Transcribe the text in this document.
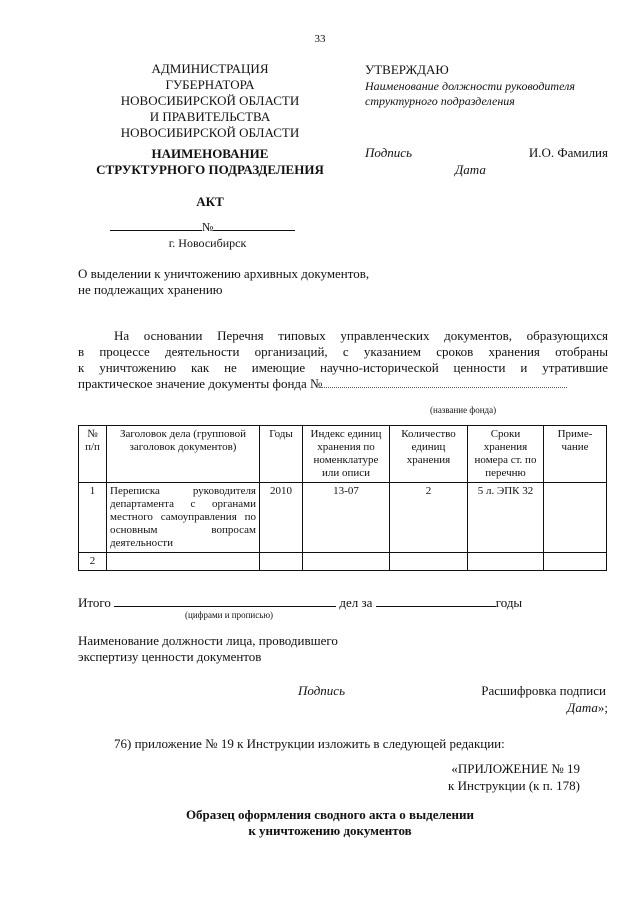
33
АДМИНИСТРАЦИЯ
ГУБЕРНАТОРА
НОВОСИБИРСКОЙ ОБЛАСТИ
И ПРАВИТЕЛЬСТВА
НОВОСИБИРСКОЙ ОБЛАСТИ
НАИМЕНОВАНИЕ
СТРУКТУРНОГО ПОДРАЗДЕЛЕНИЯ
АКТ
№
г. Новосибирск
УТВЕРЖДАЮ
Наименование должности руководителя
структурного подразделения
Подпись	И.О. Фамилия
Дата
О выделении к уничтожению архивных документов,
не подлежащих хранению
На основании Перечня типовых управленческих документов, образующихся
в процессе деятельности организаций, с указанием сроков хранения отобраны
к уничтожению как не имеющие научно-исторической ценности и утратившие
практическое значение документы фонда №
(название фонда)
№ п/п	Заголовок дела (групповой заголовок документов)	Годы	Индекс единиц хранения по номенклатуре или описи	Количество единиц хранения	Сроки хранения номера ст. по перечню	Приме- чание
1	Переписка руководителя департамента с органами местного самоуправления по основным вопросам деятельности	2010	13-07	2	5 л. ЭПК 32	
2						
Итого	дел за	годы
(цифрами и прописью)
Наименование должности лица, проводившего
экспертизу ценности документов
Подпись	Расшифровка подписи
Дата»;
76) приложение № 19 к Инструкции изложить в следующей редакции:
«ПРИЛОЖЕНИЕ № 19
к Инструкции (к п. 178)
Образец оформления сводного акта о выделении
к уничтожению документов
